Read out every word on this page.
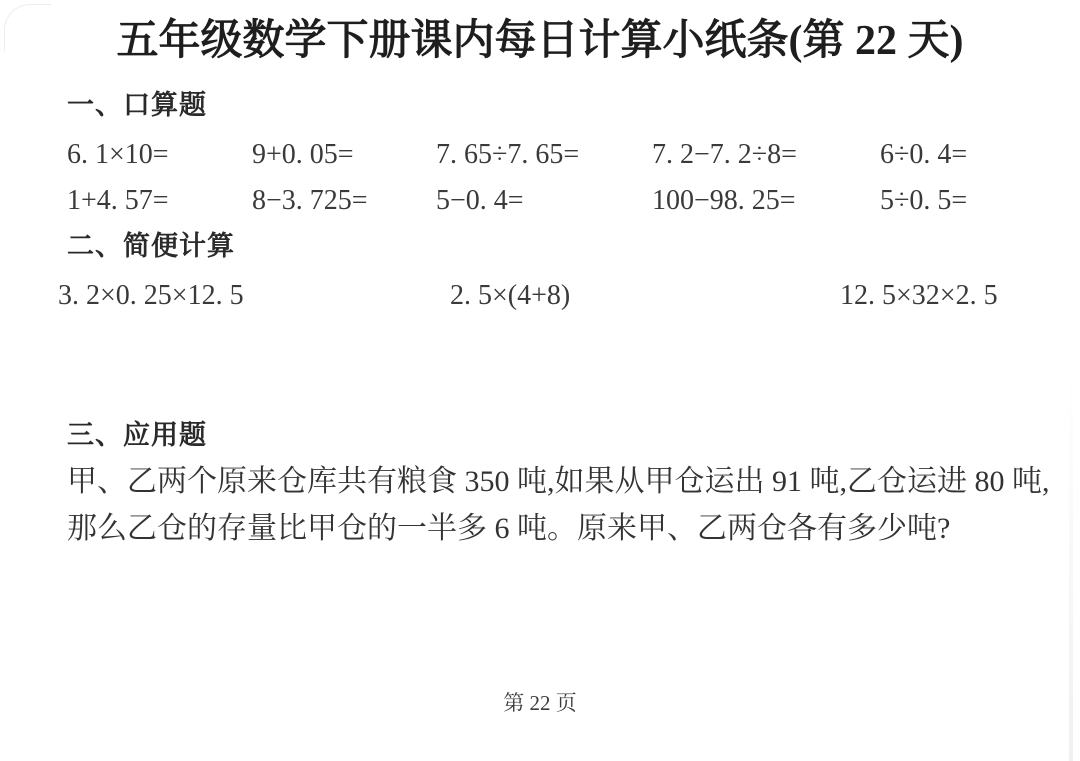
五年级数学下册课内每日计算小纸条(第 22 天)
一、口算题
6. 1×10=	9+0. 05=	7. 65÷7. 65=	7. 2−7. 2÷8=	6÷0. 4=
1+4. 57=	8−3. 725= 5−0. 4=	100−98. 25=	5÷0. 5=
二、简便计算
3. 2×0. 25×12. 5	2. 5×(4+8)	12. 5×32×2. 5
三、应用题
甲、乙两个原来仓库共有粮食 350 吨,如果从甲仓运出 91 吨,乙仓运进 80 吨,
那么乙仓的存量比甲仓的一半多 6 吨。原来甲、乙两仓各有多少吨?
第 22 页
